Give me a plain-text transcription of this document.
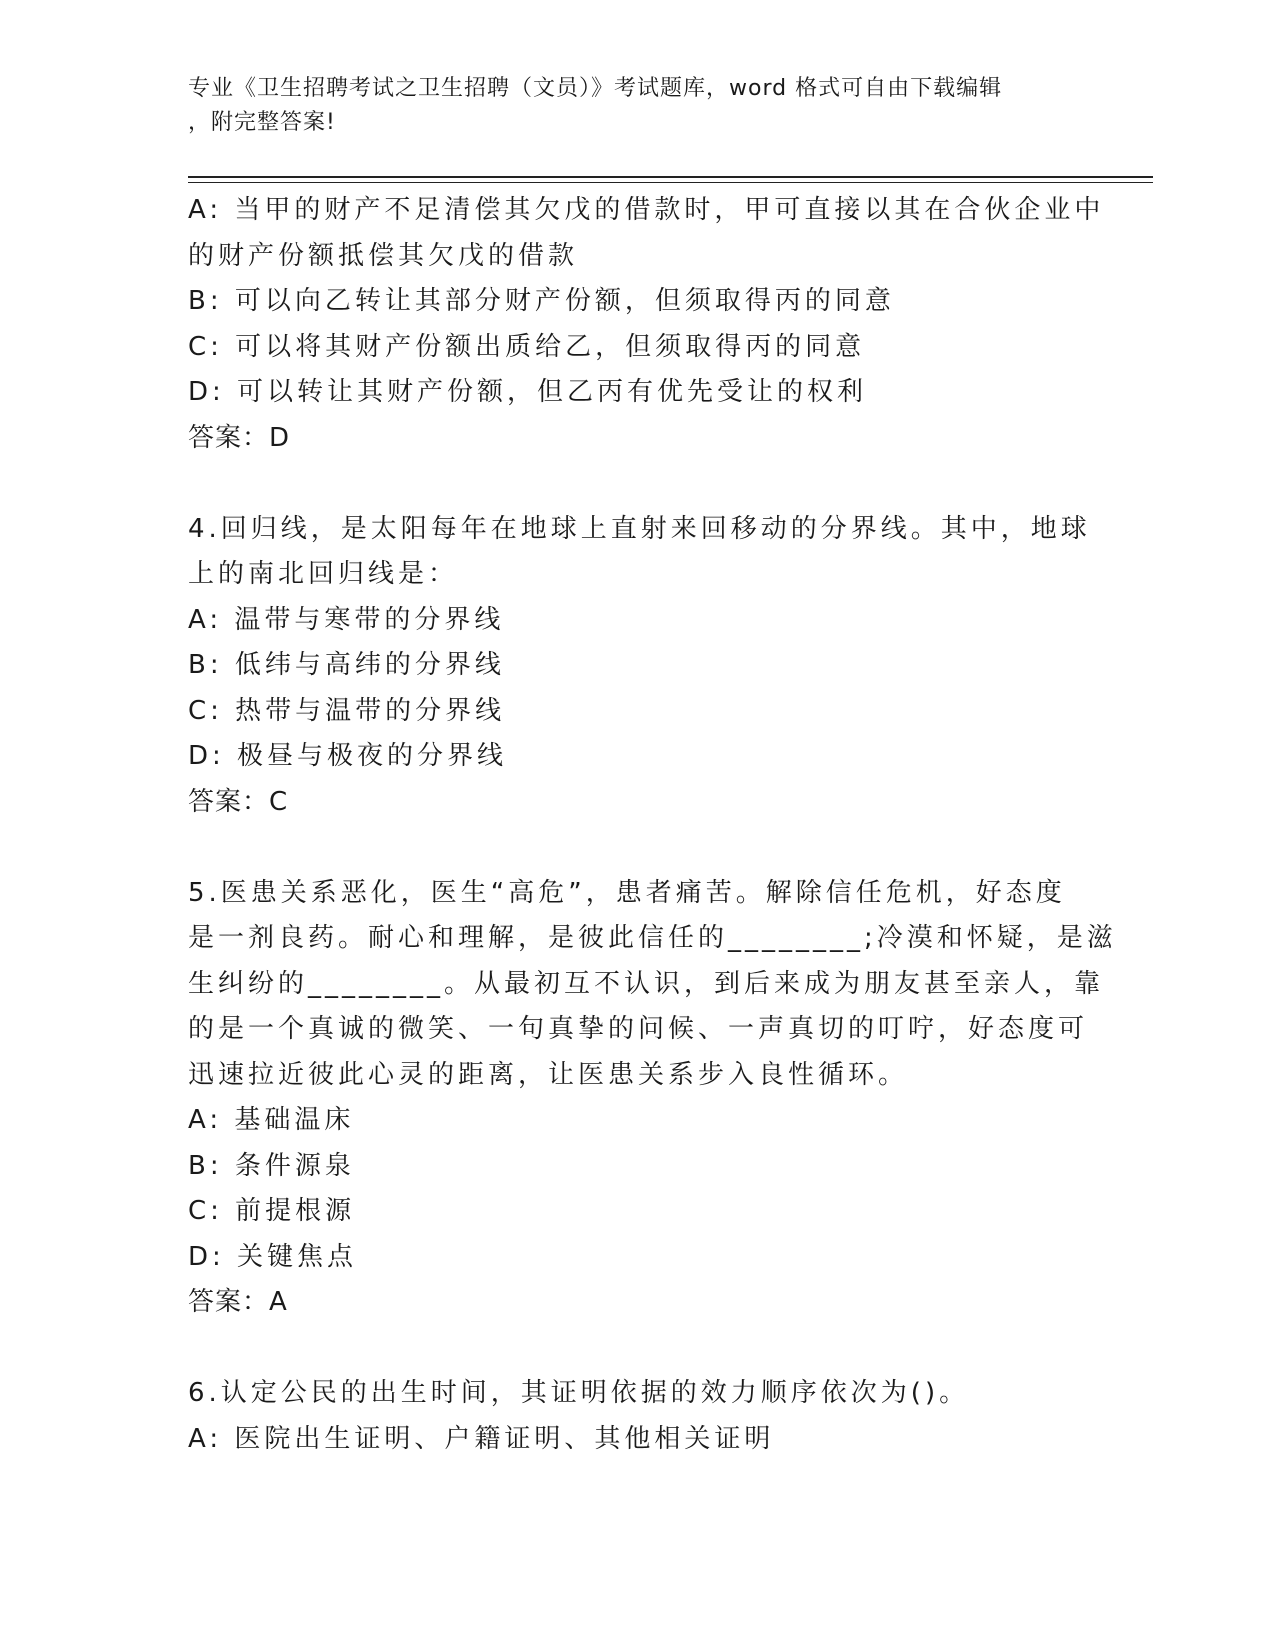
专业《卫生招聘考试之卫生招聘（文员）》考试题库，word 格式可自由下载编辑
，附完整答案!
A: 当甲的财产不足清偿其欠戊的借款时，甲可直接以其在合伙企业中
的财产份额抵偿其欠戊的借款
B: 可以向乙转让其部分财产份额，但须取得丙的同意
C: 可以将其财产份额出质给乙，但须取得丙的同意
D: 可以转让其财产份额，但乙丙有优先受让的权利
答案：D
4.回归线，是太阳每年在地球上直射来回移动的分界线。其中，地球
上的南北回归线是：
A: 温带与寒带的分界线
B: 低纬与高纬的分界线
C: 热带与温带的分界线
D: 极昼与极夜的分界线
答案：C
5.医患关系恶化，医生“高危”，患者痛苦。解除信任危机，好态度
是一剂良药。耐心和理解，是彼此信任的________;冷漠和怀疑，是滋
生纠纷的________。从最初互不认识，到后来成为朋友甚至亲人，靠
的是一个真诚的微笑、一句真挚的问候、一声真切的叮咛，好态度可
迅速拉近彼此心灵的距离，让医患关系步入良性循环。
A: 基础温床
B: 条件源泉
C: 前提根源
D: 关键焦点
答案：A
6.认定公民的出生时间，其证明依据的效力顺序依次为()。
A: 医院出生证明、户籍证明、其他相关证明
